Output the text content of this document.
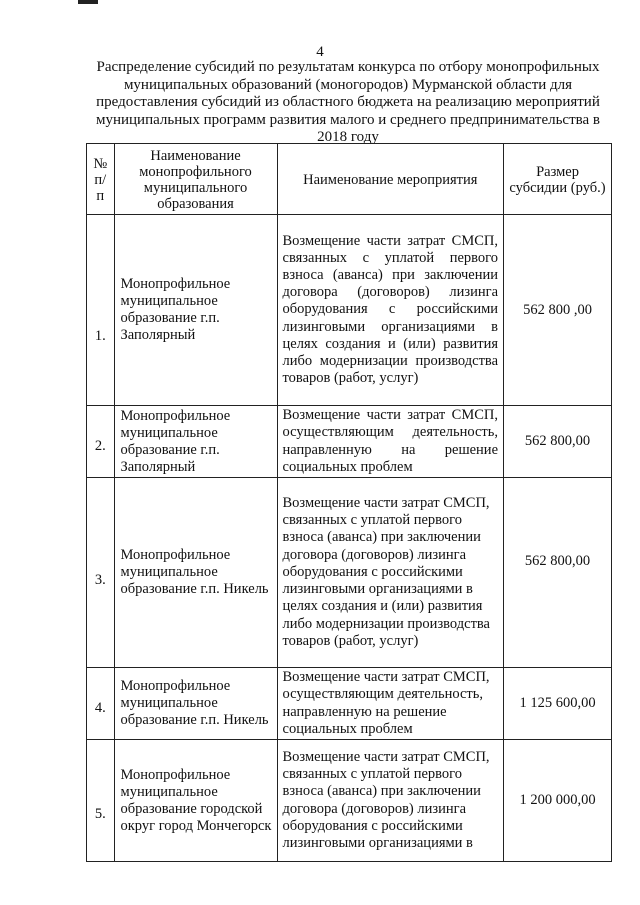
4
Распределение субсидий по результатам конкурса по отбору монопрофильных муниципальных образований (моногородов) Мурманской области для предоставления субсидий из областного бюджета на реализацию мероприятий муниципальных программ развития малого и среднего предпринимательства в 2018 году
№ п/п	Наименование монопрофильного муниципального образования	Наименование мероприятия	Размер субсидии (руб.)
1.	Монопрофильное муниципальное образование г.п. Заполярный	Возмещение части затрат СМСП, связанных с уплатой первого взноса (аванса) при заключении договора (договоров) лизинга оборудования с российскими лизинговыми организациями в целях создания и (или) развития либо модернизации производства товаров (работ, услуг)	562 800 ,00
2.	Монопрофильное муниципальное образование г.п. Заполярный	Возмещение части затрат СМСП, осуществляющим деятельность, направленную на решение социальных проблем	562 800,00
3.	Монопрофильное муниципальное образование г.п. Никель	Возмещение части затрат СМСП, связанных с уплатой первого взноса (аванса) при заключении договора (договоров) лизинга оборудования с российскими лизинговыми организациями в целях создания и (или) развития либо модернизации производства товаров (работ, услуг)	562 800,00
4.	Монопрофильное муниципальное образование г.п. Никель	Возмещение части затрат СМСП, осуществляющим деятельность, направленную на решение социальных проблем	1 125 600,00
5.	Монопрофильное муниципальное образование городской округ город Мончегорск	Возмещение части затрат СМСП, связанных с уплатой первого взноса (аванса) при заключении договора (договоров) лизинга оборудования с российскими лизинговыми организациями в	1 200 000,00
